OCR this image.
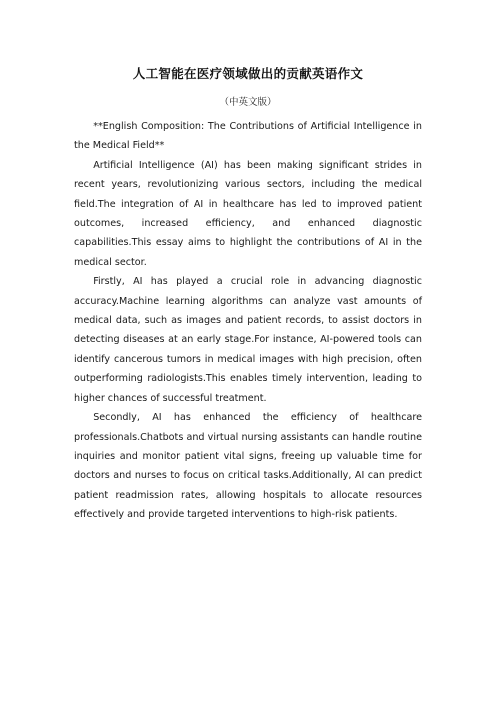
人工智能在医疗领域做出的贡献英语作文
（中英文版）

**English Composition: The Contributions of Artificial Intelligence in the Medical Field**

Artificial Intelligence (AI) has been making significant strides in recent years, revolutionizing various sectors, including the medical field.The integration of AI in healthcare has led to improved patient outcomes, increased efficiency, and enhanced diagnostic capabilities.This essay aims to highlight the contributions of AI in the medical sector.

Firstly, AI has played a crucial role in advancing diagnostic accuracy.Machine learning algorithms can analyze vast amounts of medical data, such as images and patient records, to assist doctors in detecting diseases at an early stage.For instance, AI-powered tools can identify cancerous tumors in medical images with high precision, often outperforming radiologists.This enables timely intervention, leading to higher chances of successful treatment.

Secondly, AI has enhanced the efficiency of healthcare professionals.Chatbots and virtual nursing assistants can handle routine inquiries and monitor patient vital signs, freeing up valuable time for doctors and nurses to focus on critical tasks.Additionally, AI can predict patient readmission rates, allowing hospitals to allocate resources effectively and provide targeted interventions to high-risk patients.
